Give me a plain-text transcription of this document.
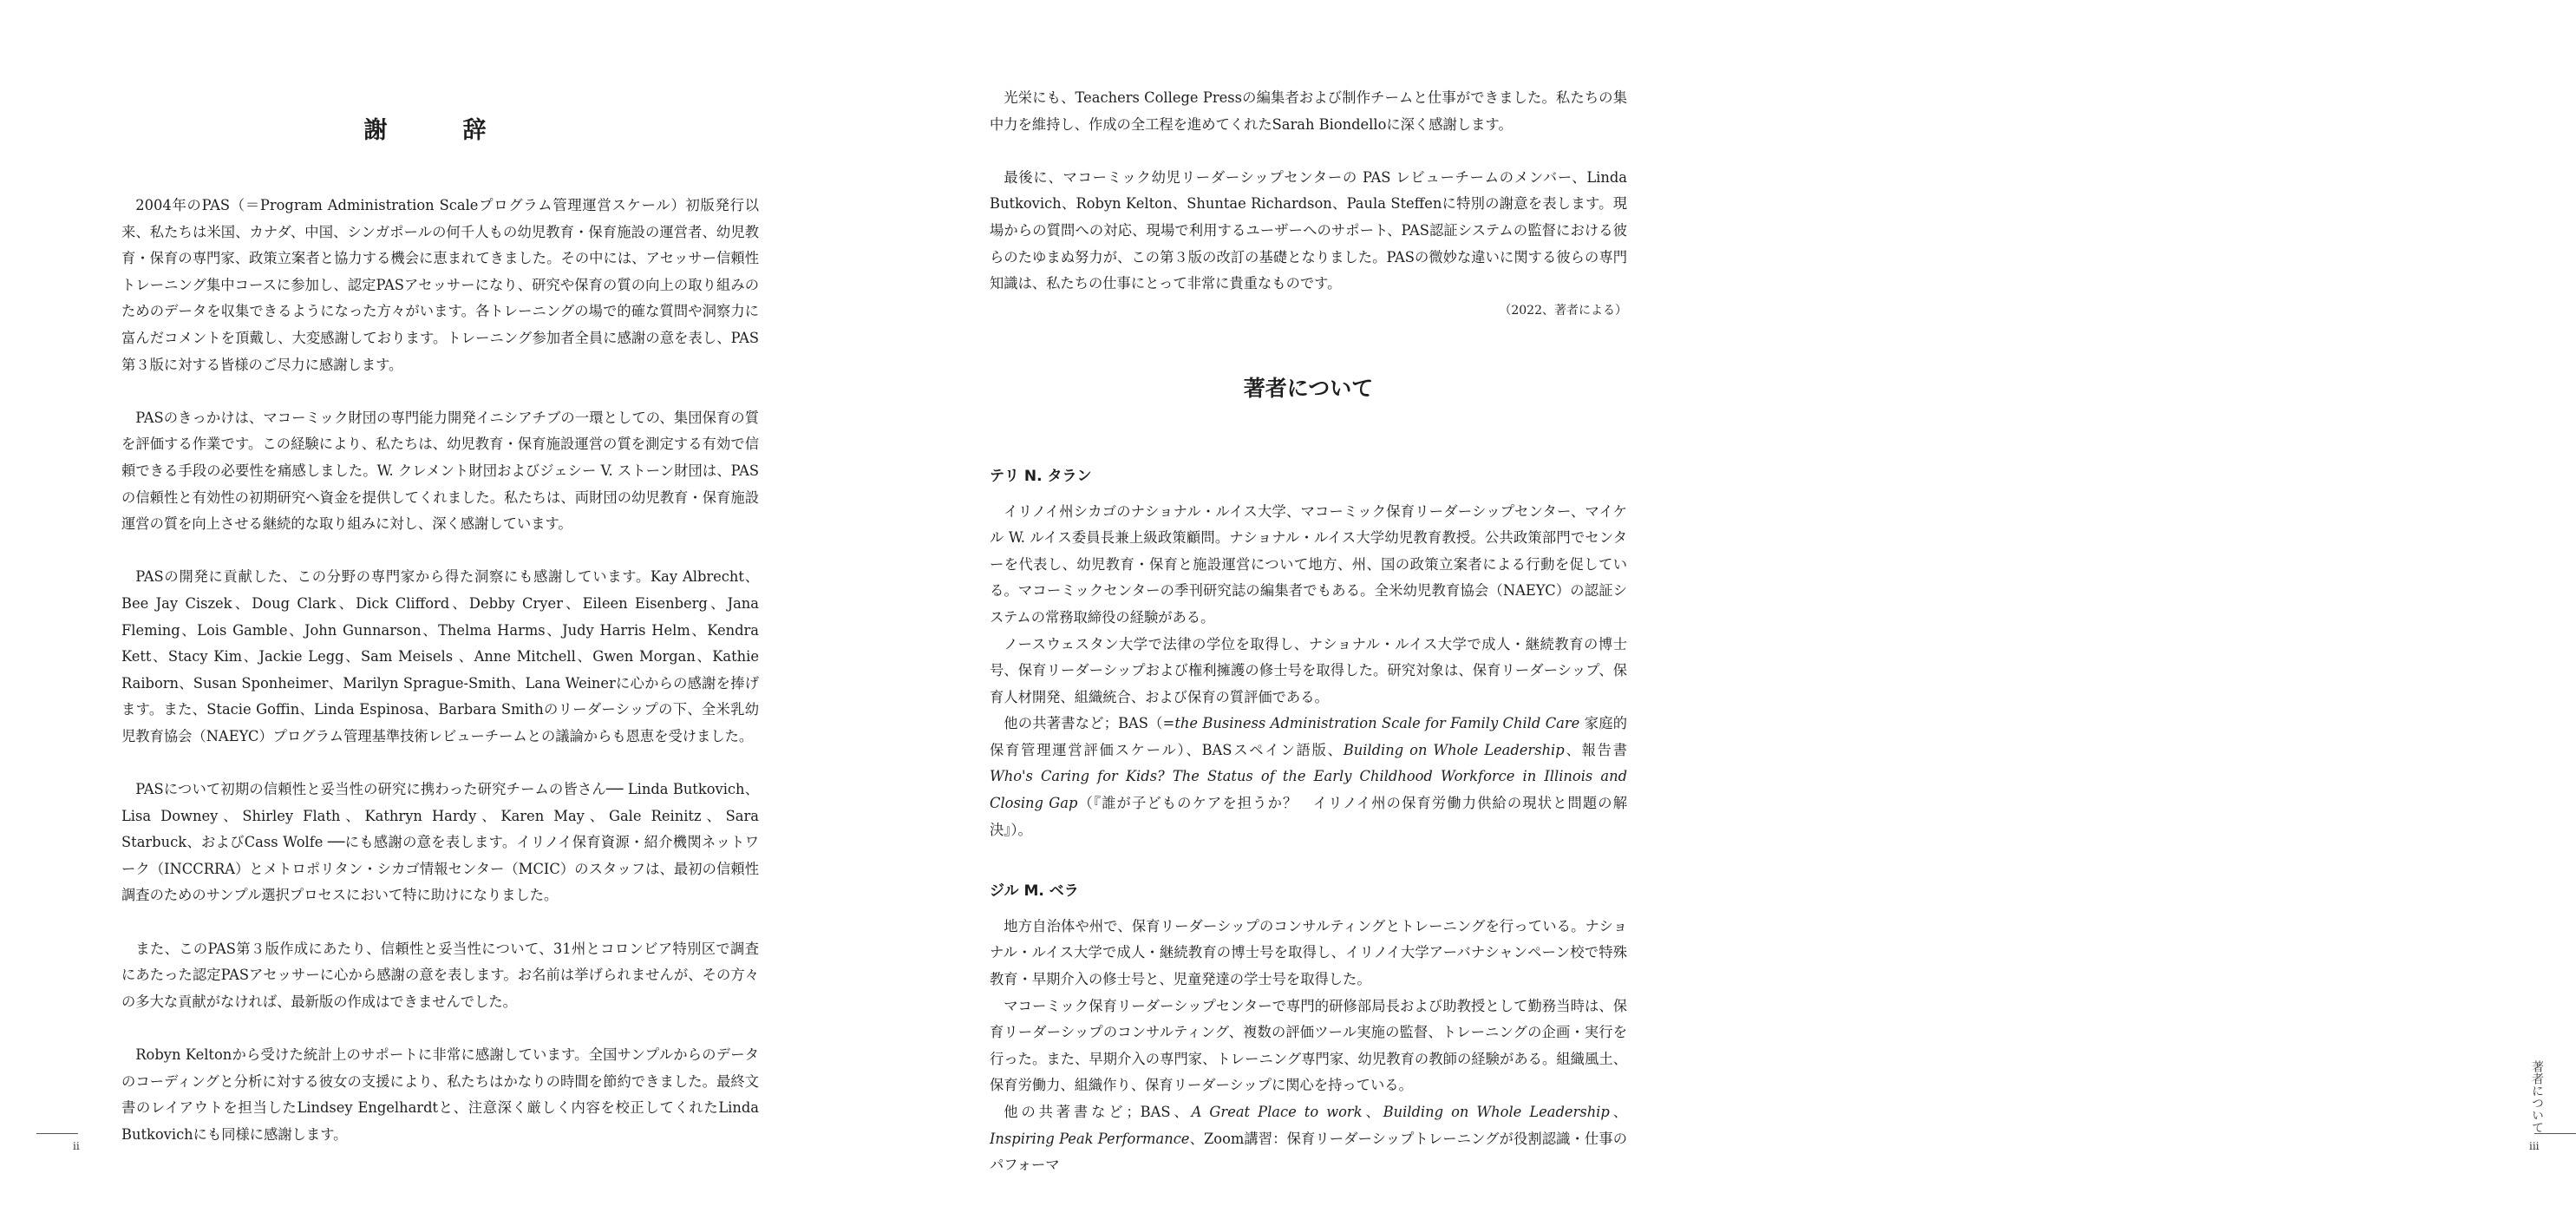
謝　辞

2004年のPAS（＝Program Administration Scaleプログラム管理運営スケール）初版発行以来、私たちは米国、カナダ、中国、シンガポールの何千人もの幼児教育・保育施設の運営者、幼児教育・保育の専門家、政策立案者と協力する機会に恵まれてきました。その中には、アセッサー信頼性トレーニング集中コースに参加し、認定PASアセッサーになり、研究や保育の質の向上の取り組みのためのデータを収集できるようになった方々がいます。各トレーニングの場で的確な質問や洞察力に富んだコメントを頂戴し、大変感謝しております。トレーニング参加者全員に感謝の意を表し、PAS第３版に対する皆様のご尽力に感謝します。

PASのきっかけは、マコーミック財団の専門能力開発イニシアチブの一環としての、集団保育の質を評価する作業です。この経験により、私たちは、幼児教育・保育施設運営の質を測定する有効で信頼できる手段の必要性を痛感しました。W. クレメント財団およびジェシー V. ストーン財団は、PASの信頼性と有効性の初期研究へ資金を提供してくれました。私たちは、両財団の幼児教育・保育施設運営の質を向上させる継続的な取り組みに対し、深く感謝しています。

PASの開発に貢献した、この分野の専門家から得た洞察にも感謝しています。Kay Albrecht、Bee Jay Ciszek、Doug Clark、Dick Clifford、Debby Cryer、Eileen Eisenberg、Jana Fleming、Lois Gamble、John Gunnarson、Thelma Harms、Judy Harris Helm、Kendra Kett、Stacy Kim、Jackie Legg、Sam Meisels 、Anne Mitchell、Gwen Morgan、Kathie Raiborn、Susan Sponheimer、Marilyn Sprague-Smith、Lana Weinerに心からの感謝を捧げます。また、Stacie Goffin、Linda Espinosa、Barbara Smithのリーダーシップの下、全米乳幼児教育協会（NAEYC）プログラム管理基準技術レビューチームとの議論からも恩恵を受けました。

PASについて初期の信頼性と妥当性の研究に携わった研究チームの皆さん── Linda Butkovich、Lisa Downey、Shirley Flath、Kathryn Hardy、Karen May、Gale Reinitz、Sara Starbuck、およびCass Wolfe ──にも感謝の意を表します。イリノイ保育資源・紹介機関ネットワーク（INCCRRA）とメトロポリタン・シカゴ情報センター（MCIC）のスタッフは、最初の信頼性調査のためのサンプル選択プロセスにおいて特に助けになりました。

また、このPAS第３版作成にあたり、信頼性と妥当性について、31州とコロンビア特別区で調査にあたった認定PASアセッサーに心から感謝の意を表します。お名前は挙げられませんが、その方々の多大な貢献がなければ、最新版の作成はできませんでした。

Robyn Keltonから受けた統計上のサポートに非常に感謝しています。全国サンプルからのデータのコーディングと分析に対する彼女の支援により、私たちはかなりの時間を節約できました。最終文書のレイアウトを担当したLindsey Engelhardtと、注意深く厳しく内容を校正してくれたLinda Butkovichにも同様に感謝します。

ii

光栄にも、Teachers College Pressの編集者および制作チームと仕事ができました。私たちの集中力を維持し、作成の全工程を進めてくれたSarah Biondelloに深く感謝します。

最後に、マコーミック幼児リーダーシップセンターの PAS レビューチームのメンバー、Linda Butkovich、Robyn Kelton、Shuntae Richardson、Paula Steffenに特別の謝意を表します。現場からの質問への対応、現場で利用するユーザーへのサポート、PAS認証システムの監督における彼らのたゆまぬ努力が、この第３版の改訂の基礎となりました。PASの微妙な違いに関する彼らの専門知識は、私たちの仕事にとって非常に貴重なものです。

（2022、著者による）

著者について

テリ N. タラン

イリノイ州シカゴのナショナル・ルイス大学、マコーミック保育リーダーシップセンター、マイケル W. ルイス委員長兼上級政策顧問。ナショナル・ルイス大学幼児教育教授。公共政策部門でセンターを代表し、幼児教育・保育と施設運営について地方、州、国の政策立案者による行動を促している。マコーミックセンターの季刊研究誌の編集者でもある。全米幼児教育協会（NAEYC）の認証システムの常務取締役の経験がある。

ノースウェスタン大学で法律の学位を取得し、ナショナル・ルイス大学で成人・継続教育の博士号、保育リーダーシップおよび権利擁護の修士号を取得した。研究対象は、保育リーダーシップ、保育人材開発、組織統合、および保育の質評価である。

他の共著書など；BAS（=the Business Administration Scale for Family Child Care 家庭的保育管理運営評価スケール）、BASスペイン語版、Building on Whole Leadership、報告書 Who's Caring for Kids? The Status of the Early Childhood Workforce in Illinois and Closing Gap（『誰が子どものケアを担うか？　イリノイ州の保育労働力供給の現状と問題の解決』）。

ジル M. ベラ

地方自治体や州で、保育リーダーシップのコンサルティングとトレーニングを行っている。ナショナル・ルイス大学で成人・継続教育の博士号を取得し、イリノイ大学アーバナシャンペーン校で特殊教育・早期介入の修士号と、児童発達の学士号を取得した。

マコーミック保育リーダーシップセンターで専門的研修部局長および助教授として勤務当時は、保育リーダーシップのコンサルティング、複数の評価ツール実施の監督、トレーニングの企画・実行を行った。また、早期介入の専門家、トレーニング専門家、幼児教育の教師の経験がある。組織風土、保育労働力、組織作り、保育リーダーシップに関心を持っている。

他の共著書など；BAS、A Great Place to work、Building on Whole Leadership、Inspiring Peak Performance、Zoom講習：保育リーダーシップトレーニングが役割認識・仕事のパフォーマ

著者について
iii
